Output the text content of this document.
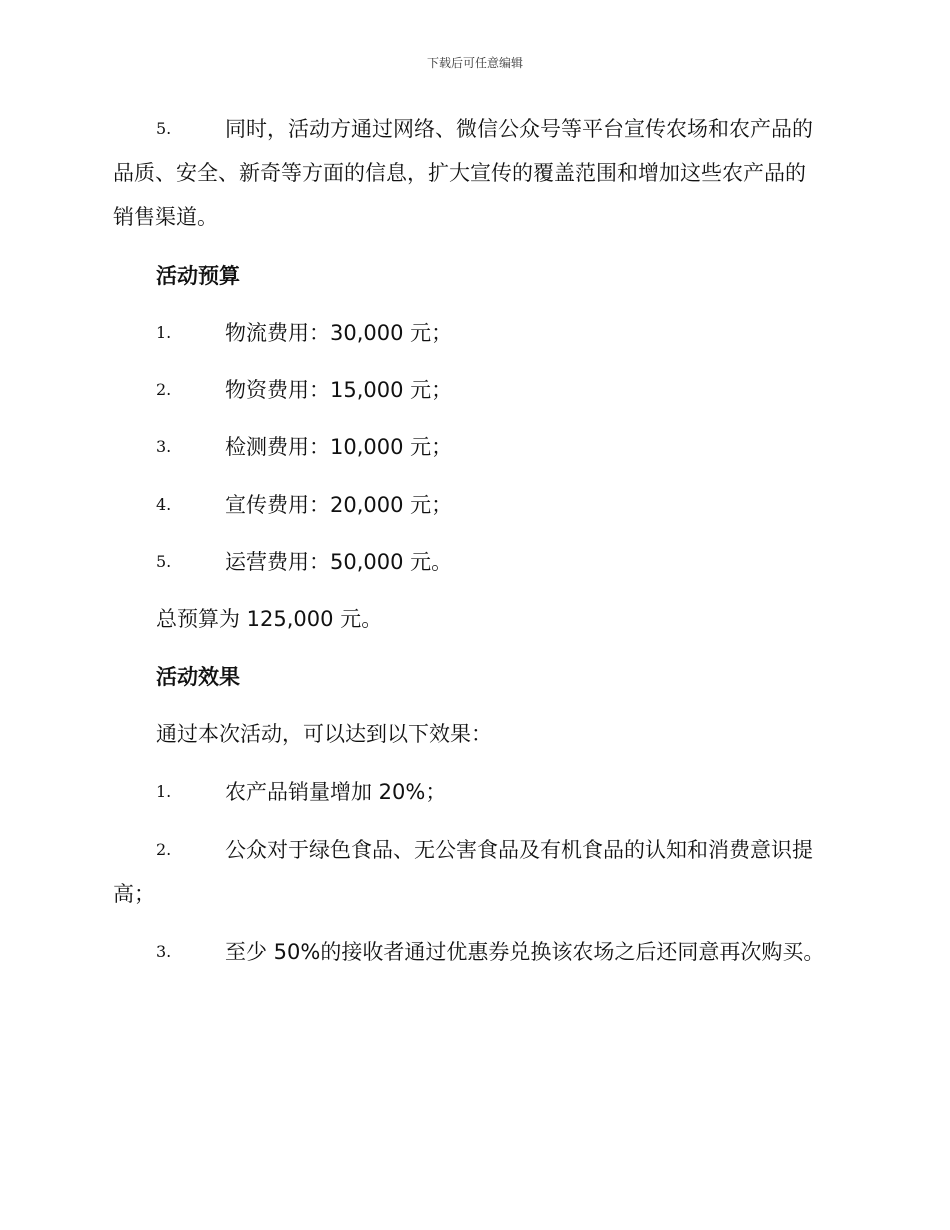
下载后可任意编辑
5.	同时，活动方通过网络、微信公众号等平台宣传农场和农产品的
品质、安全、新奇等方面的信息，扩大宣传的覆盖范围和增加这些农产品的
销售渠道。
活动预算
1.	物流费用：30,000 元；
2.	物资费用：15,000 元；
3.	检测费用：10,000 元；
4.	宣传费用：20,000 元；
5.	运营费用：50,000 元。
总预算为 125,000 元。
活动效果
通过本次活动，可以达到以下效果：
1.	农产品销量增加 20%；
2.	公众对于绿色食品、无公害食品及有机食品的认知和消费意识提
高；
3.	至少 50%的接收者通过优惠券兑换该农场之后还同意再次购买。
